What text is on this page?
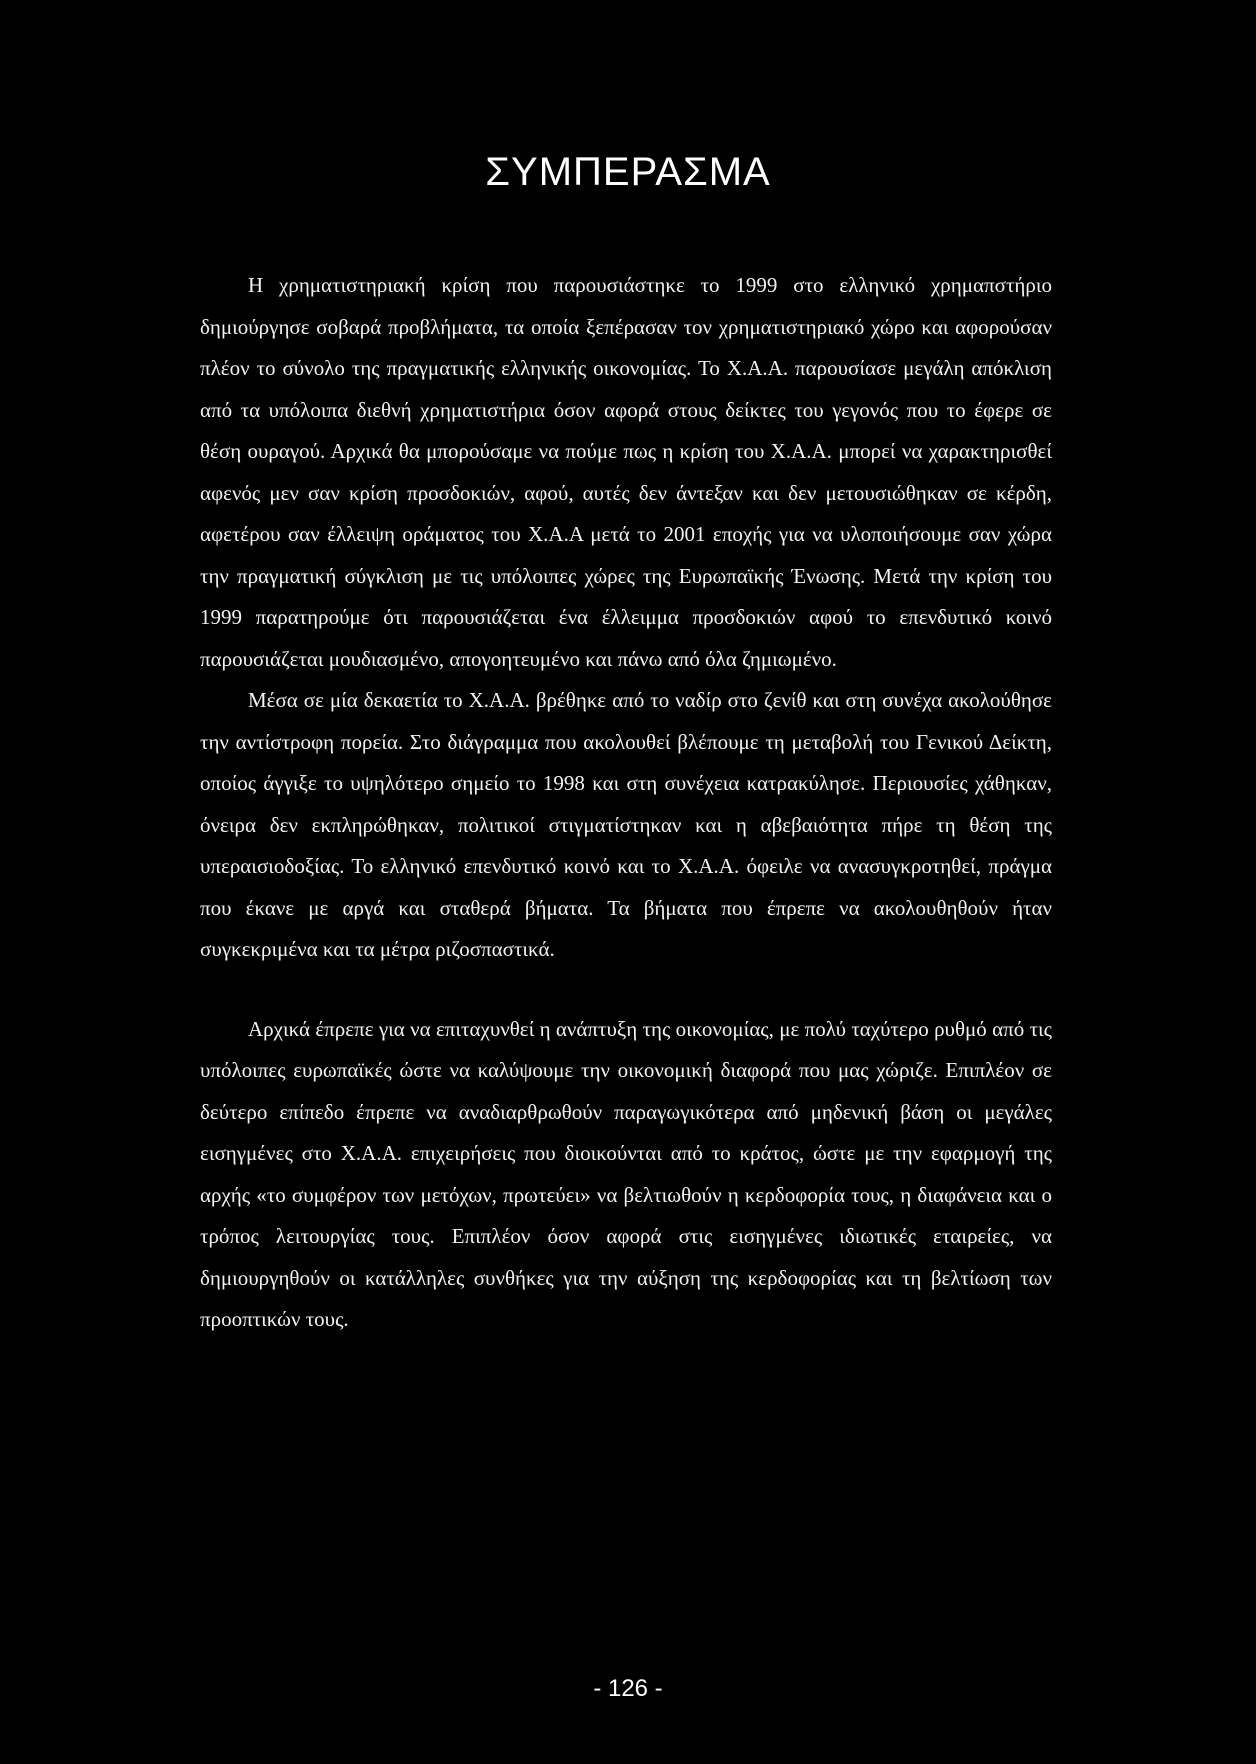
ΣΥΜΠΕΡΑΣΜΑ

Η χρηματιστηριακή κρίση που παρουσιάστηκε το 1999 στο ελληνικό χρημαπστήριο δημιούργησε σοβαρά προβλήματα, τα οποία ξεπέρασαν τον χρηματιστηριακό χώρο και αφορούσαν πλέον το σύνολο της πραγματικής ελληνικής οικονομίας. Το Χ.Α.Α. παρουσίασε μεγάλη απόκλιση από τα υπόλοιπα διεθνή χρηματιστήρια όσον αφορά στους δείκτες του γεγονός που το έφερε σε θέση ουραγού. Αρχικά θα μπορούσαμε να πούμε πως η κρίση του Χ.Α.Α. μπορεί να χαρακτηρισθεί αφενός μεν σαν κρίση προσδοκιών, αφού, αυτές δεν άντεξαν και δεν μετουσιώθηκαν σε κέρδη, αφετέρου σαν έλλειψη οράματος του Χ.Α.Α μετά το 2001 εποχής για να υλοποιήσουμε σαν χώρα την πραγματική σύγκλιση με τις υπόλοιπες χώρες της Ευρωπαϊκής Ένωσης. Μετά την κρίση του 1999 παρατηρούμε ότι παρουσιάζεται ένα έλλειμμα προσδοκιών αφού το επενδυτικό κοινό παρουσιάζεται μουδιασμένο, απογοητευμένο και πάνω από όλα ζημιωμένο.

Μέσα σε μία δεκαετία το Χ.Α.Α. βρέθηκε από το ναδίρ στο ζενίθ και στη συνέχα ακολούθησε την αντίστροφη πορεία. Στο διάγραμμα που ακολουθεί βλέπουμε τη μεταβολή του Γενικού Δείκτη, οποίος άγγιξε το υψηλότερο σημείο το 1998 και στη συνέχεια κατρακύλησε. Περιουσίες χάθηκαν, όνειρα δεν εκπληρώθηκαν, πολιτικοί στιγματίστηκαν και η αβεβαιότητα πήρε τη θέση της υπεραισιοδοξίας. Το ελληνικό επενδυτικό κοινό και το Χ.Α.Α. όφειλε να ανασυγκροτηθεί, πράγμα που έκανε με αργά και σταθερά βήματα. Τα βήματα που έπρεπε να ακολουθηθούν ήταν συγκεκριμένα και τα μέτρα ριζοσπαστικά.

Αρχικά έπρεπε για να επιταχυνθεί η ανάπτυξη της οικονομίας, με πολύ ταχύτερο ρυθμό από τις υπόλοιπες ευρωπαϊκές ώστε να καλύψουμε την οικονομική διαφορά που μας χώριζε. Επιπλέον σε δεύτερο επίπεδο έπρεπε να αναδιαρθρωθούν παραγωγικότερα από μηδενική βάση οι μεγάλες εισηγμένες στο Χ.Α.Α. επιχειρήσεις που διοικούνται από το κράτος, ώστε με την εφαρμογή της αρχής «το συμφέρον των μετόχων, πρωτεύει» να βελτιωθούν η κερδοφορία τους, η διαφάνεια και ο τρόπος λειτουργίας τους. Επιπλέον όσον αφορά στις εισηγμένες ιδιωτικές εταιρείες, να δημιουργηθούν οι κατάλληλες συνθήκες για την αύξηση της κερδοφορίας και τη βελτίωση των προοπτικών τους.

- 126 -
